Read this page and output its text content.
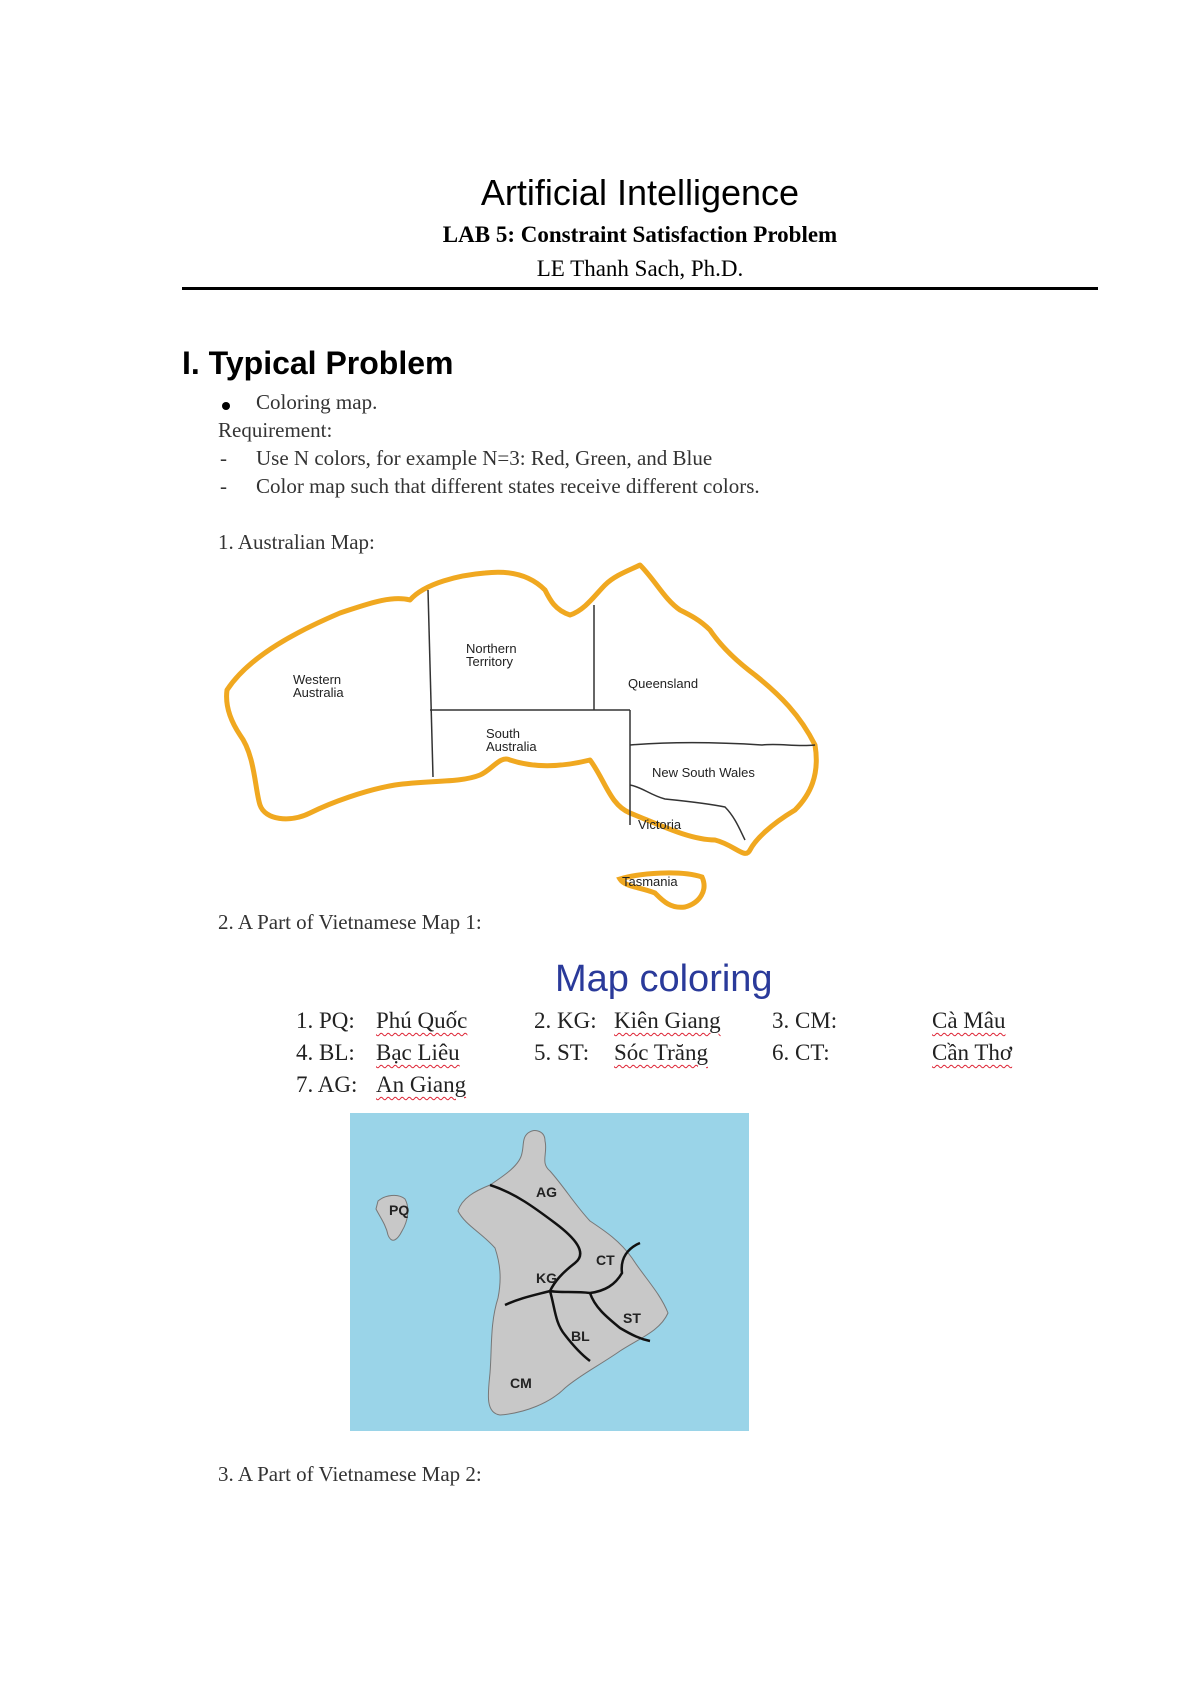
Artificial Intelligence
LAB 5: Constraint Satisfaction Problem
LE Thanh Sach, Ph.D.
I. Typical Problem
Coloring map.
Requirement:
- Use N colors, for example N=3: Red, Green, and Blue
- Color map such that different states receive different colors.
1. Australian Map:
Western
Australia
Northern
Territory
Queensland
South
Australia
New South Wales
Victoria
Tasmania
2. A Part of Vietnamese Map 1:
Map coloring
1. PQ: Phú Quốc	2. KG: Kiên Giang 3. CM:	Cà Mâu
4. BL: Bạc Liêu	5. ST: Sóc Trăng	6. CT:	Cần Thơ
7. AG: An Giang
PQ
AG
CT
KG
ST
BL
CM
3. A Part of Vietnamese Map 2:
